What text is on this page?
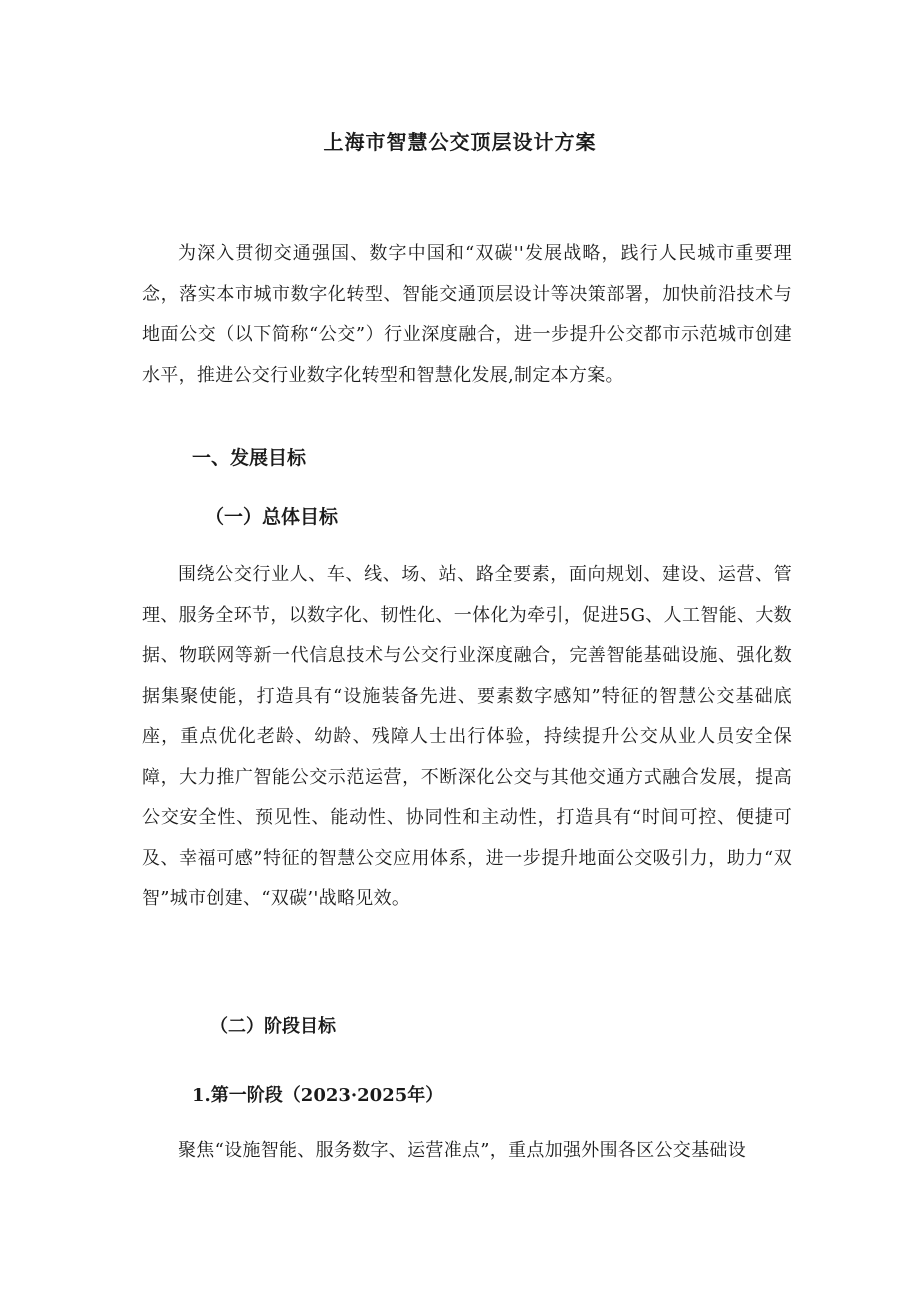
上海市智慧公交顶层设计方案

为深入贯彻交通强国、数字中国和“双碳''发展战略，践行人民城市重要理念，落实本市城市数字化转型、智能交通顶层设计等决策部署，加快前沿技术与地面公交（以下简称“公交”）行业深度融合，进一步提升公交都市示范城市创建水平，推进公交行业数字化转型和智慧化发展,制定本方案。

一、发展目标
（一）总体目标

围绕公交行业人、车、线、场、站、路全要素，面向规划、建设、运营、管理、服务全环节，以数字化、韧性化、一体化为牵引，促进5G、人工智能、大数据、物联网等新一代信息技术与公交行业深度融合，完善智能基础设施、强化数据集聚使能，打造具有“设施装备先进、要素数字感知”特征的智慧公交基础底座，重点优化老龄、幼龄、残障人士出行体验，持续提升公交从业人员安全保障，大力推广智能公交示范运营，不断深化公交与其他交通方式融合发展，提高公交安全性、预见性、能动性、协同性和主动性，打造具有“时间可控、便捷可及、幸福可感”特征的智慧公交应用体系，进一步提升地面公交吸引力，助力“双智”城市创建、“双碳’'战略见效。

（二）阶段目标
1.第一阶段（2023·2025年）

聚焦“设施智能、服务数字、运营准点”，重点加强外围各区公交基础设
